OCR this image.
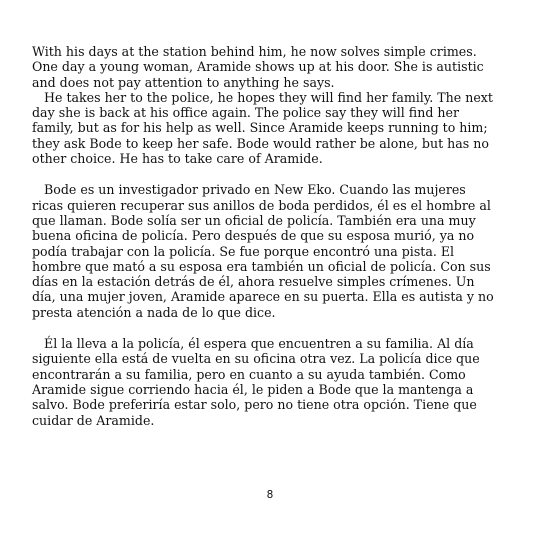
With his days at the station behind him, he now solves simple crimes.
One day a young woman, Aramide shows up at his door. She is autistic
and does not pay attention to anything he says.
He takes her to the police, he hopes they will find her family. The next
day she is back at his office again. The police say they will find her
family, but as for his help as well. Since Aramide keeps running to him;
they ask Bode to keep her safe. Bode would rather be alone, but has no
other choice. He has to take care of Aramide.
Bode es un investigador privado en New Eko. Cuando las mujeres
ricas quieren recuperar sus anillos de boda perdidos, él es el hombre al
que llaman. Bode solía ser un oficial de policía. También era una muy
buena oficina de policía. Pero después de que su esposa murió, ya no
podía trabajar con la policía. Se fue porque encontró una pista. El
hombre que mató a su esposa era también un oficial de policía. Con sus
días en la estación detrás de él, ahora resuelve simples crímenes. Un
día, una mujer joven, Aramide aparece en su puerta. Ella es autista y no
presta atención a nada de lo que dice.
Él la lleva a la policía, él espera que encuentren a su familia. Al día
siguiente ella está de vuelta en su oficina otra vez. La policía dice que
encontrarán a su familia, pero en cuanto a su ayuda también. Como
Aramide sigue corriendo hacia él, le piden a Bode que la mantenga a
salvo. Bode preferiría estar solo, pero no tiene otra opción. Tiene que
cuidar de Aramide.
8
